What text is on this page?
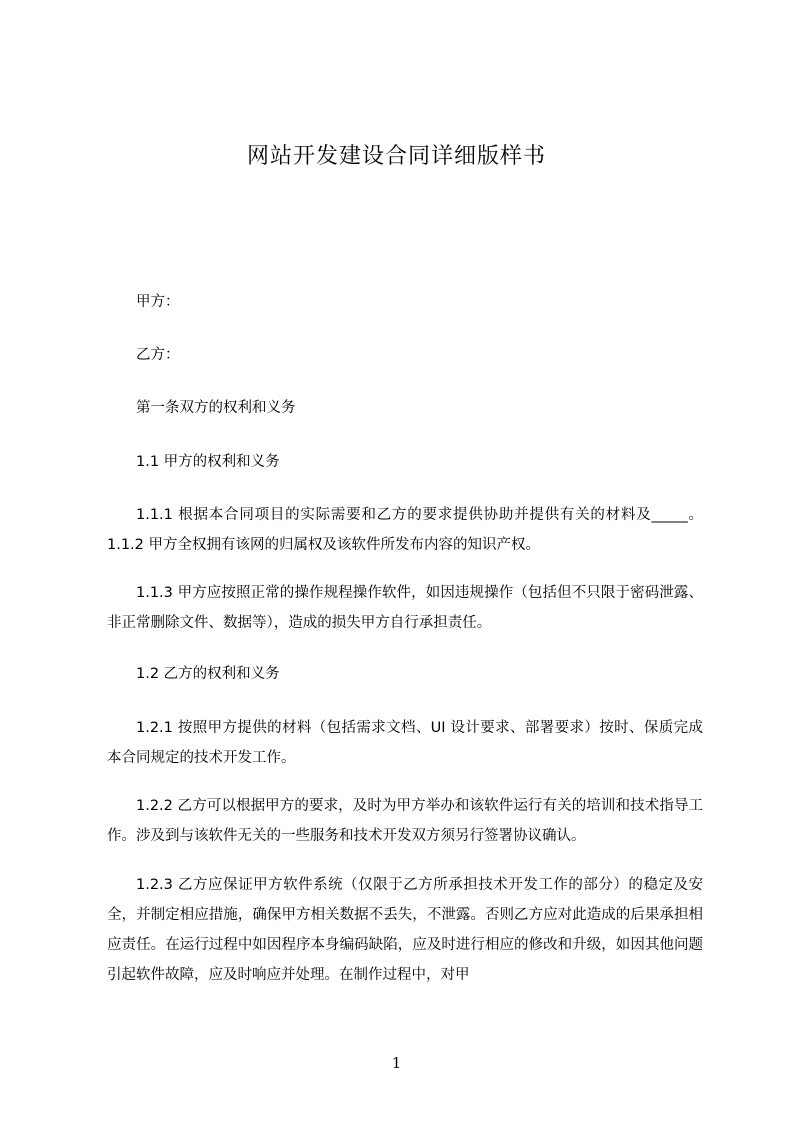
网站开发建设合同详细版样书
甲方：
乙方：
第一条双方的权利和义务
1.1 甲方的权利和义务
1.1.1 根据本合同项目的实际需要和乙方的要求提供协助并提供有关的材料及_____。1.1.2 甲方全权拥有该网的归属权及该软件所发布内容的知识产权。
1.1.3 甲方应按照正常的操作规程操作软件，如因违规操作（包括但不只限于密码泄露、非正常删除文件、数据等），造成的损失甲方自行承担责任。
1.2 乙方的权利和义务
1.2.1 按照甲方提供的材料（包括需求文档、UI 设计要求、部署要求）按时、保质完成本合同规定的技术开发工作。
1.2.2 乙方可以根据甲方的要求，及时为甲方举办和该软件运行有关的培训和技术指导工作。涉及到与该软件无关的一些服务和技术开发双方须另行签署协议确认。
1.2.3 乙方应保证甲方软件系统（仅限于乙方所承担技术开发工作的部分）的稳定及安全，并制定相应措施，确保甲方相关数据不丢失，不泄露。否则乙方应对此造成的后果承担相应责任。在运行过程中如因程序本身编码缺陷，应及时进行相应的修改和升级，如因其他问题引起软件故障，应及时响应并处理。在制作过程中，对甲
1
